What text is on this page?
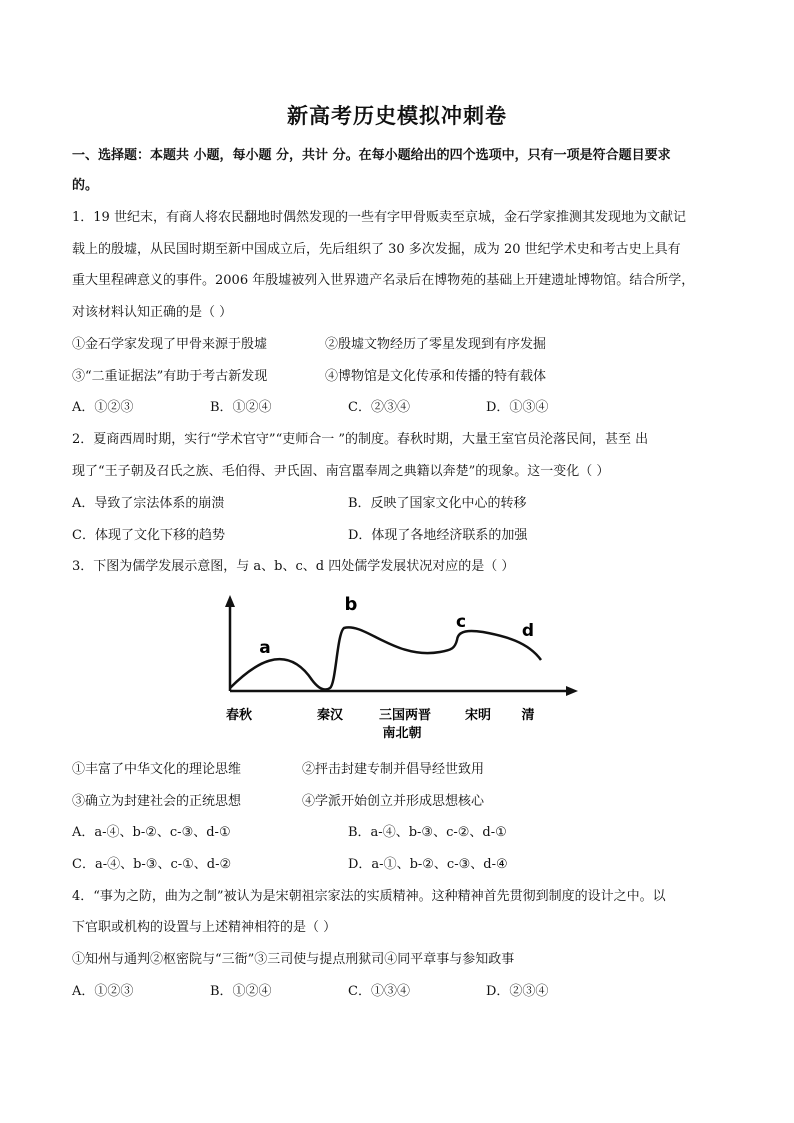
新高考历史模拟冲刺卷
一、选择题：本题共 小题，每小题 分，共计 分。在每小题给出的四个选项中，只有一项是符合题目要求
的。
1．19 世纪末，有商人将农民翻地时偶然发现的一些有字甲骨贩卖至京城，金石学家推测其发现地为文献记
载上的殷墟，从民国时期至新中国成立后，先后组织了 30 多次发掘，成为 20 世纪学术史和考古史上具有
重大里程碑意义的事件。2006 年殷墟被列入世界遗产名录后在博物苑的基础上开建遗址博物馆。结合所学，
对该材料认知正确的是（ ）
①金石学家发现了甲骨来源于殷墟	②殷墟文物经历了零星发现到有序发掘
③“二重证据法”有助于考古新发现	④博物馆是文化传承和传播的特有载体
A．①②③	B．①②④	C．②③④	D．①③④
2．夏商西周时期，实行“学术官守”“吏师合一 ”的制度。春秋时期，大量王室官员沦落民间，甚至 出
现了“王子朝及召氏之族、毛伯得、尹氏固、南宫嚚奉周之典籍以奔楚”的现象。这一变化（ ）
A．导致了宗法体系的崩溃	B．反映了国家文化中心的转移
C．体现了文化下移的趋势	D．体现了各地经济联系的加强
3．下图为儒学发展示意图，与 a、b、c、d 四处儒学发展状况对应的是（ ）
a
b
c	d
春秋	秦汉	三国两晋
南北朝
宋明 清
①丰富了中华文化的理论思维	②抨击封建专制并倡导经世致用
③确立为封建社会的正统思想	④学派开始创立并形成思想核心
A．a-④、b-②、c-③、d-①	B．a-④、b-③、c-②、d-①
C．a-④、b-③、c-①、d-②	D．a-①、b-②、c-③、d-④
4．“事为之防，曲为之制”被认为是宋朝祖宗家法的实质精神。这种精神首先贯彻到制度的设计之中。以
下官职或机构的设置与上述精神相符的是（ ）
①知州与通判②枢密院与“三衙”③三司使与提点刑狱司④同平章事与参知政事
A．①②③	B．①②④	C．①③④	D．②③④
